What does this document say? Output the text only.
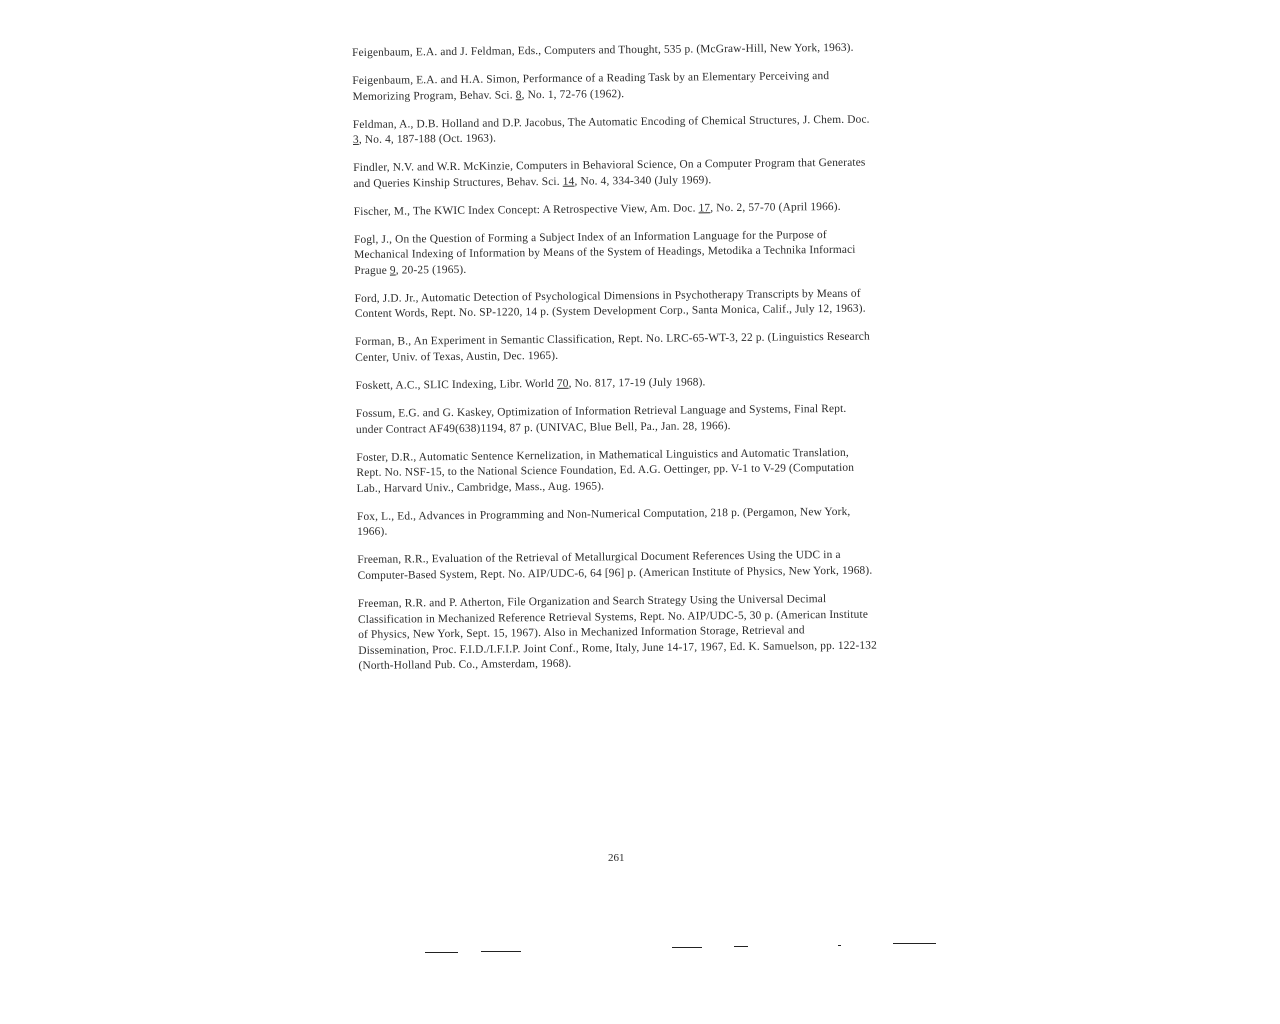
Feigenbaum, E.A. and J. Feldman, Eds., Computers and Thought, 535 p. (McGraw-Hill, New York, 1963).

Feigenbaum, E.A. and H.A. Simon, Performance of a Reading Task by an Elementary Perceiving and Memorizing Program, Behav. Sci. 8, No. 1, 72-76 (1962).

Feldman, A., D.B. Holland and D.P. Jacobus, The Automatic Encoding of Chemical Structures, J. Chem. Doc. 3, No. 4, 187-188 (Oct. 1963).

Findler, N.V. and W.R. McKinzie, Computers in Behavioral Science, On a Computer Program that Generates and Queries Kinship Structures, Behav. Sci. 14, No. 4, 334-340 (July 1969).

Fischer, M., The KWIC Index Concept: A Retrospective View, Am. Doc. 17, No. 2, 57-70 (April 1966).

Fogl, J., On the Question of Forming a Subject Index of an Information Language for the Purpose of Mechanical Indexing of Information by Means of the System of Headings, Metodika a Technika Informaci Prague 9, 20-25 (1965).

Ford, J.D. Jr., Automatic Detection of Psychological Dimensions in Psychotherapy Transcripts by Means of Content Words, Rept. No. SP-1220, 14 p. (System Development Corp., Santa Monica, Calif., July 12, 1963).

Forman, B., An Experiment in Semantic Classification, Rept. No. LRC-65-WT-3, 22 p. (Linguistics Research Center, Univ. of Texas, Austin, Dec. 1965).

Foskett, A.C., SLIC Indexing, Libr. World 70, No. 817, 17-19 (July 1968).

Fossum, E.G. and G. Kaskey, Optimization of Information Retrieval Language and Systems, Final Rept. under Contract AF49(638)1194, 87 p. (UNIVAC, Blue Bell, Pa., Jan. 28, 1966).

Foster, D.R., Automatic Sentence Kernelization, in Mathematical Linguistics and Automatic Translation, Rept. No. NSF-15, to the National Science Foundation, Ed. A.G. Oettinger, pp. V-1 to V-29 (Computation Lab., Harvard Univ., Cambridge, Mass., Aug. 1965).

Fox, L., Ed., Advances in Programming and Non-Numerical Computation, 218 p. (Pergamon, New York, 1966).

Freeman, R.R., Evaluation of the Retrieval of Metallurgical Document References Using the UDC in a Computer-Based System, Rept. No. AIP/UDC-6, 64 [96] p. (American Institute of Physics, New York, 1968).

Freeman, R.R. and P. Atherton, File Organization and Search Strategy Using the Universal Decimal Classification in Mechanized Reference Retrieval Systems, Rept. No. AIP/UDC-5, 30 p. (American Institute of Physics, New York, Sept. 15, 1967). Also in Mechanized Information Storage, Retrieval and Dissemination, Proc. F.I.D./I.F.I.P. Joint Conf., Rome, Italy, June 14-17, 1967, Ed. K. Samuelson, pp. 122-132 (North-Holland Pub. Co., Amsterdam, 1968).

261
